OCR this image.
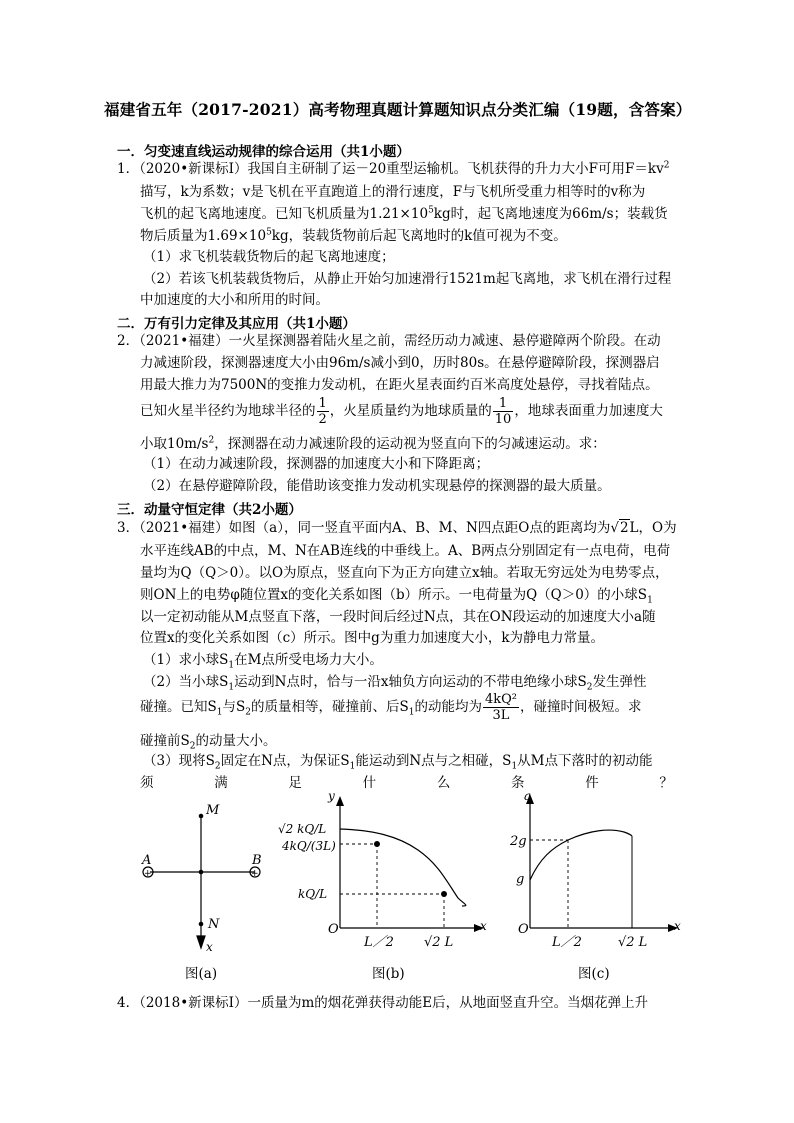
福建省五年（2017-2021）高考物理真题计算题知识点分类汇编（19题，含答案）
一．匀变速直线运动规律的综合运用（共1小题）
1．（2020•新课标Ⅰ）我国自主研制了运－20重型运输机。飞机获得的升力大小F可用$F=kv^2$
描写，k为系数；v是飞机在平直跑道上的滑行速度，F与飞机所受重力相等时的v称为
飞机的起飞离地速度。已知飞机质量为$1.21\times 10^5kg$时，起飞离地速度为66m/s；装载货
物后质量为$1.69\times 10^5kg$，装载货物前后起飞离地时的k值可视为不变。
（1）求飞机装载货物后的起飞离地速度；
（2）若该飞机装载货物后，从静止开始匀加速滑行1521m起飞离地，求飞机在滑行过程
中加速度的大小和所用的时间。
二．万有引力定律及其应用（共1小题）
2．（2021•福建）一火星探测器着陆火星之前，需经历动力减速、悬停避障两个阶段。在动
力减速阶段，探测器速度大小由96m/s减小到0，历时80s。在悬停避障阶段，探测器启
用最大推力为7500N的变推力发动机，在距火星表面约百米高度处悬停，寻找着陆点。
已知火星半径约为地球半径的 $\frac{1}{2}$ ，火星质量约为地球质量的 $\frac{1}{10}$ ，地球表面重力加速度大
小取$10m/s^2$，探测器在动力减速阶段的运动视为竖直向下的匀减速运动。求：
（1）在动力减速阶段，探测器的加速度大小和下降距离；
（2）在悬停避障阶段，能借助该变推力发动机实现悬停的探测器的最大质量。
三．动量守恒定律（共2小题）
3．（2021•福建）如图（a），同一竖直平面内A、B、M、N四点距O点的距离均为√2L，O为
水平连线AB的中点，M、N在AB连线的中垂线上。A、B两点分别固定有一点电荷，电荷
量均为Q（Q＞0）。以O为原点，竖直向下为正方向建立x轴。若取无穷远处为电势零点，
则ON上的电势φ随位置x的变化关系如图（b）所示。一电荷量为Q（Q＞0）的小球$S_1$
以一定初动能从M点竖直下落，一段时间后经过N点，其在ON段运动的加速度大小a随
位置x的变化关系如图（c）所示。图中g为重力加速度大小，k为静电力常量。
（1）求小球$S_1$在M点所受电场力大小。
（2）当小球$S_1$运动到N点时，恰与一沿x轴负方向运动的不带电绝缘小球$S_2$发生弹性
碰撞。已知$S_1$与$S_2$的质量相等，碰撞前、后$S_1$的动能均为 $\frac{\text{4kQ²}}{3L}$ ，碰撞时间极短。求
碰撞前$S_2$的动量大小。
（3）现将$S_2$固定在N点，为保证$S_1$能运动到N点与之相碰，$S_1$从M点下落时的初动能
须	满	足	什	么	条	件	？
+	+
M
A	B
N
x
y
√2 kQ/L
4kQ/(3L)
kQ/L
O
L／2 √2 L
x
a
2g
g
O
L／2	√2 L
x
图(a)	图(b)	图(c)
4．（2018•新课标Ⅰ）一质量为m的烟花弹获得动能E后，从地面竖直升空。当烟花弹上升
